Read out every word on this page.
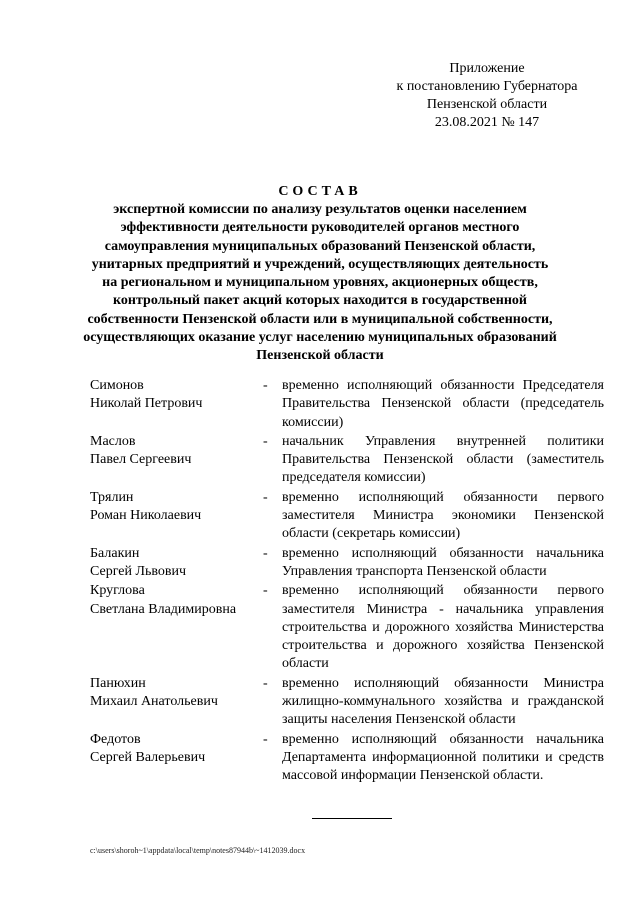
Приложение
к постановлению Губернатора
Пензенской области
23.08.2021 № 147
СОСТАВ
экспертной комиссии по анализу результатов оценки населением
эффективности деятельности руководителей органов местного
самоуправления муниципальных образований Пензенской области,
унитарных предприятий и учреждений, осуществляющих деятельность
на региональном и муниципальном уровнях, акционерных обществ,
контрольный пакет акций которых находится в государственной
собственности Пензенской области или в муниципальной собственности,
осуществляющих оказание услуг населению муниципальных образований
Пензенской области
Симонов
Николай Петрович
- временно исполняющий обязанности Председателя
Правительства Пензенской области (председатель
комиссии)
Маслов
Павел Сергеевич
- начальник Управления внутренней политики
Правительства Пензенской области (заместитель
председателя комиссии)
Трялин
Роман Николаевич
- временно исполняющий обязанности первого
заместителя Министра экономики Пензенской
области (секретарь комиссии)
Балакин
Сергей Львович
- временно исполняющий обязанности начальника
Управления транспорта Пензенской области
Круглова
Светлана Владимировна
- временно исполняющий обязанности первого
заместителя Министра - начальника управления
строительства и дорожного хозяйства Министерства
строительства и дорожного хозяйства Пензенской
области
Панюхин
Михаил Анатольевич
- временно исполняющий обязанности Министра
жилищно-коммунального хозяйства и гражданской
защиты населения Пензенской области
Федотов
Сергей Валерьевич
- временно исполняющий обязанности начальника
Департамента информационной политики и средств
массовой информации Пензенской области.
c:\users\shoroh~1\appdata\local\temp\notes87944b\~1412039.docx
